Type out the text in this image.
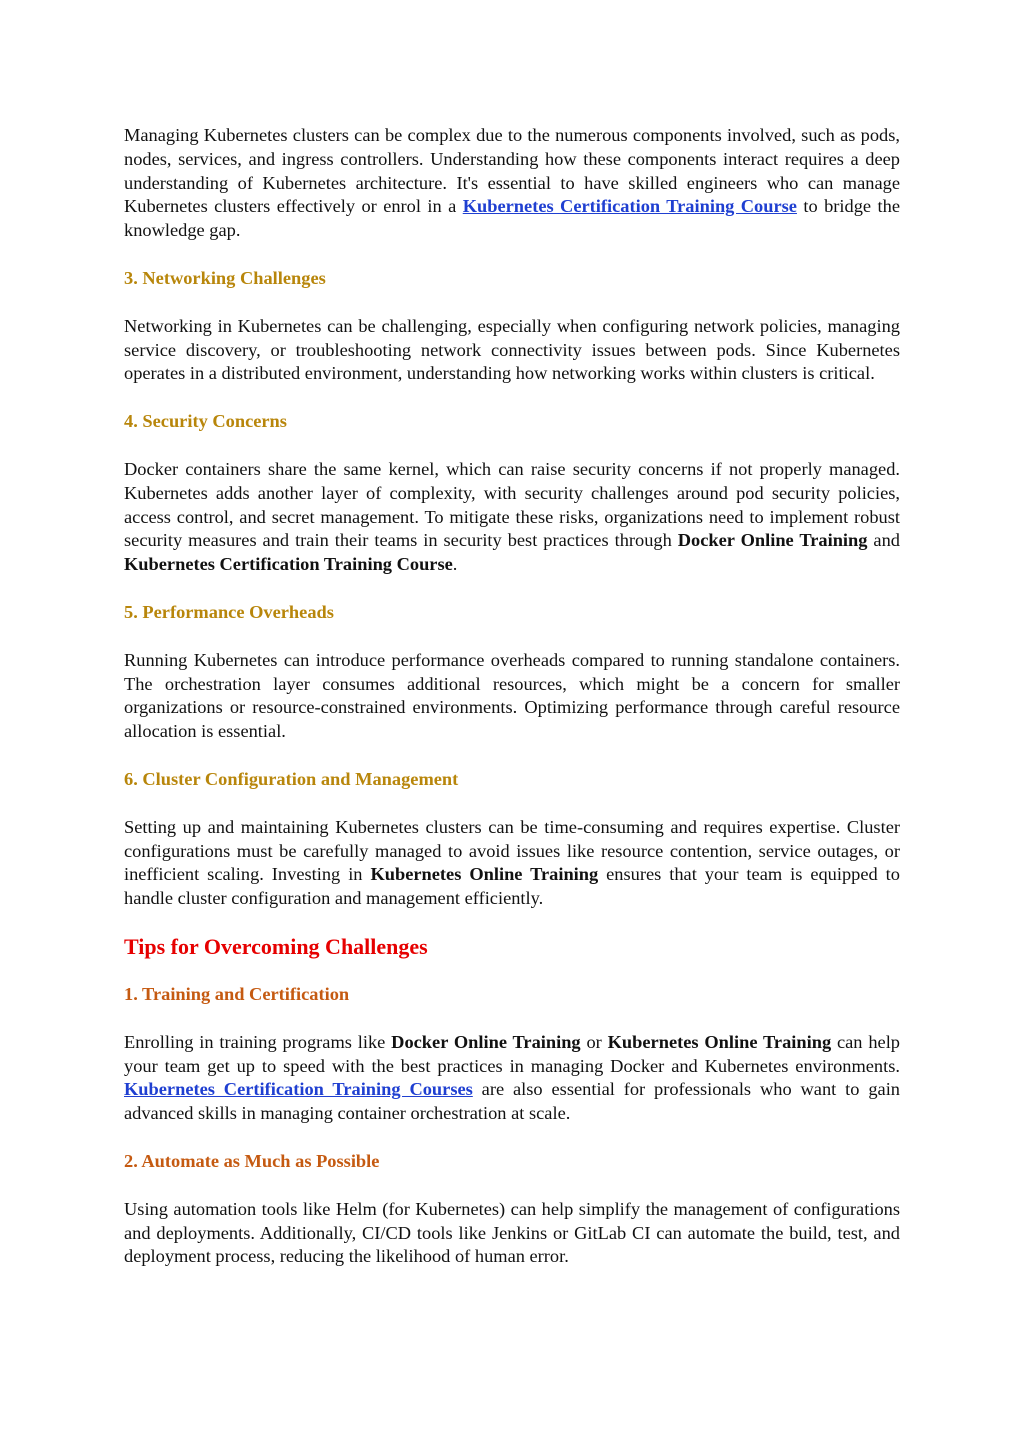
Managing Kubernetes clusters can be complex due to the numerous components involved, such as pods, nodes, services, and ingress controllers. Understanding how these components interact requires a deep understanding of Kubernetes architecture. It's essential to have skilled engineers who can manage Kubernetes clusters effectively or enrol in a Kubernetes Certification Training Course to bridge the knowledge gap.

3. Networking Challenges

Networking in Kubernetes can be challenging, especially when configuring network policies, managing service discovery, or troubleshooting network connectivity issues between pods. Since Kubernetes operates in a distributed environment, understanding how networking works within clusters is critical.

4. Security Concerns

Docker containers share the same kernel, which can raise security concerns if not properly managed. Kubernetes adds another layer of complexity, with security challenges around pod security policies, access control, and secret management. To mitigate these risks, organizations need to implement robust security measures and train their teams in security best practices through Docker Online Training and Kubernetes Certification Training Course.

5. Performance Overheads

Running Kubernetes can introduce performance overheads compared to running standalone containers. The orchestration layer consumes additional resources, which might be a concern for smaller organizations or resource-constrained environments. Optimizing performance through careful resource allocation is essential.

6. Cluster Configuration and Management

Setting up and maintaining Kubernetes clusters can be time-consuming and requires expertise. Cluster configurations must be carefully managed to avoid issues like resource contention, service outages, or inefficient scaling. Investing in Kubernetes Online Training ensures that your team is equipped to handle cluster configuration and management efficiently.

Tips for Overcoming Challenges
1. Training and Certification

Enrolling in training programs like Docker Online Training or Kubernetes Online Training can help your team get up to speed with the best practices in managing Docker and Kubernetes environments. Kubernetes Certification Training Courses are also essential for professionals who want to gain advanced skills in managing container orchestration at scale.

2. Automate as Much as Possible

Using automation tools like Helm (for Kubernetes) can help simplify the management of configurations and deployments. Additionally, CI/CD tools like Jenkins or GitLab CI can automate the build, test, and deployment process, reducing the likelihood of human error.
